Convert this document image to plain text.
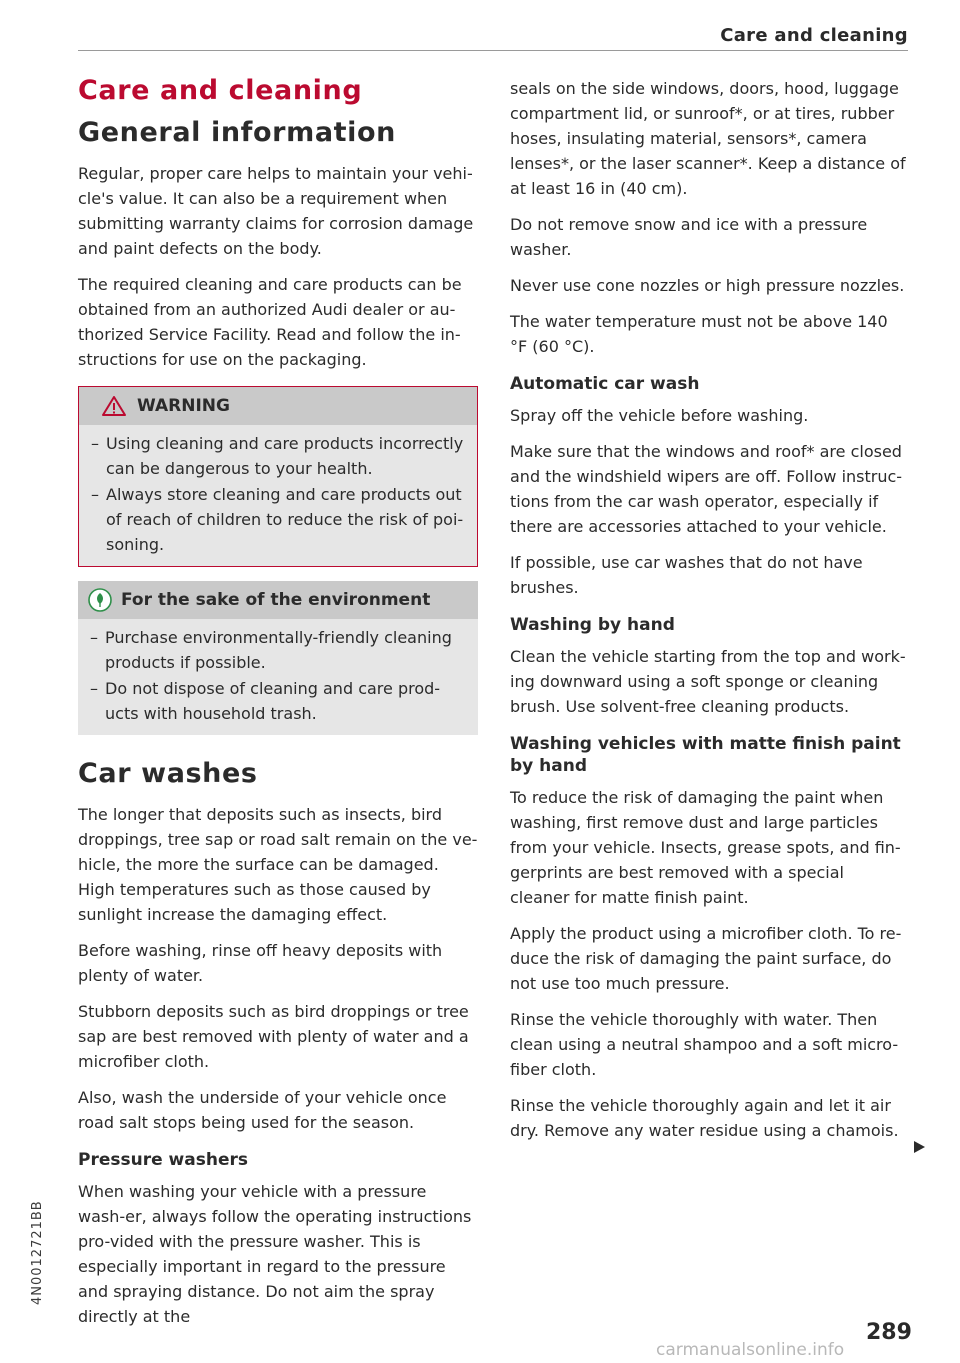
Care and cleaning
Care and cleaning
General information

Regular, proper care helps to maintain your vehi-cle's value. It can also be a requirement when submitting warranty claims for corrosion damage and paint defects on the body.

The required cleaning and care products can be obtained from an authorized Audi dealer or au-thorized Service Facility. Read and follow the in-structions for use on the packaging.

WARNING
– Using cleaning and care products incorrectly can be dangerous to your health.
– Always store cleaning and care products out of reach of children to reduce the risk of poi-soning.
For the sake of the environment
– Purchase environmentally-friendly cleaning products if possible.
– Do not dispose of cleaning and care prod-ucts with household trash.
Car washes

The longer that deposits such as insects, bird droppings, tree sap or road salt remain on the ve-hicle, the more the surface can be damaged. High temperatures such as those caused by sunlight increase the damaging effect.

Before washing, rinse off heavy deposits with plenty of water.

Stubborn deposits such as bird droppings or tree sap are best removed with plenty of water and a microfiber cloth.

Also, wash the underside of your vehicle once road salt stops being used for the season.

Pressure washers

When washing your vehicle with a pressure wash-er, always follow the operating instructions pro-vided with the pressure washer. This is especially important in regard to the pressure and spraying distance. Do not aim the spray directly at the

seals on the side windows, doors, hood, luggage compartment lid, or sunroof*, or at tires, rubber hoses, insulating material, sensors*, camera lenses*, or the laser scanner*. Keep a distance of at least 16 in (40 cm).

Do not remove snow and ice with a pressure washer.

Never use cone nozzles or high pressure nozzles.

The water temperature must not be above 140 °F (60 °C).

Automatic car wash

Spray off the vehicle before washing.

Make sure that the windows and roof* are closed and the windshield wipers are off. Follow instruc-tions from the car wash operator, especially if there are accessories attached to your vehicle.

If possible, use car washes that do not have brushes.

Washing by hand

Clean the vehicle starting from the top and work-ing downward using a soft sponge or cleaning brush. Use solvent-free cleaning products.

Washing vehicles with matte finish paint by hand

To reduce the risk of damaging the paint when washing, first remove dust and large particles from your vehicle. Insects, grease spots, and fin-gerprints are best removed with a special cleaner for matte finish paint.

Apply the product using a microfiber cloth. To re-duce the risk of damaging the paint surface, do not use too much pressure.

Rinse the vehicle thoroughly with water. Then clean using a neutral shampoo and a soft micro-fiber cloth.

Rinse the vehicle thoroughly again and let it air dry. Remove any water residue using a chamois.

4N0012721BB
289
carmanualsonline.info
